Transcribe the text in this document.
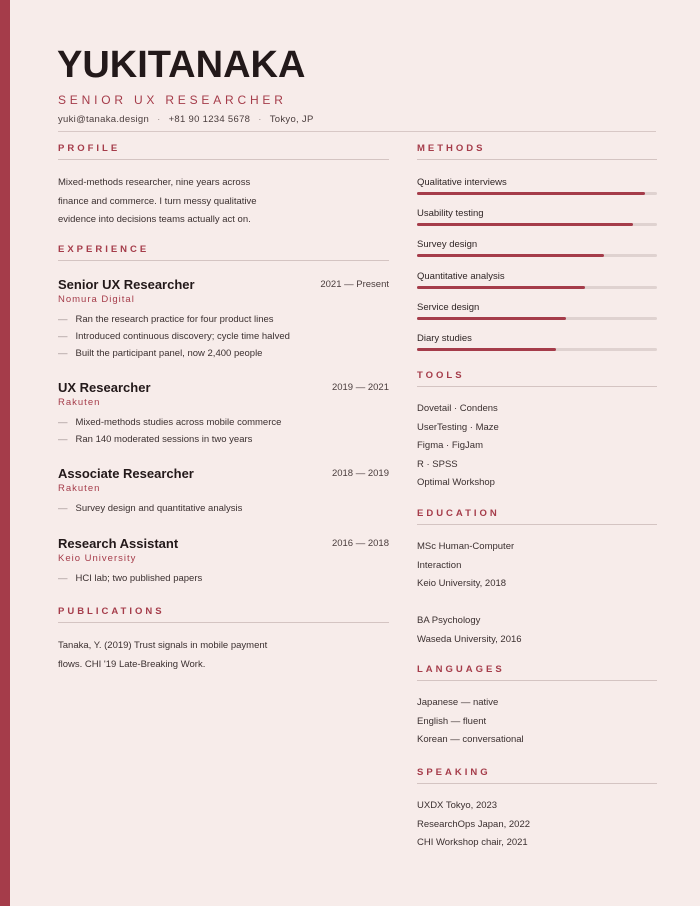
YUKITANAKA
SENIOR UX RESEARCHER
yuki@tanaka.design · +81 90 1234 5678 · Tokyo, JP
PROFILE
Mixed-methods researcher, nine years across finance and commerce. I turn messy qualitative evidence into decisions teams actually act on.
EXPERIENCE
Senior UX Researcher	2021 — Present
Nomura Digital
— Ran the research practice for four product lines
— Introduced continuous discovery; cycle time halved
— Built the participant panel, now 2,400 people
UX Researcher	2019 — 2021
Rakuten
— Mixed-methods studies across mobile commerce
— Ran 140 moderated sessions in two years
Associate Researcher	2018 — 2019
Rakuten
— Survey design and quantitative analysis
Research Assistant	2016 — 2018
Keio University
— HCI lab; two published papers
PUBLICATIONS
Tanaka, Y. (2019) Trust signals in mobile payment flows. CHI '19 Late-Breaking Work.
METHODS
Qualitative interviews
Usability testing
Survey design
Quantitative analysis
Service design
Diary studies
TOOLS
Dovetail · Condens
UserTesting · Maze
Figma · FigJam
R · SPSS
Optimal Workshop
EDUCATION
MSc Human-Computer
Interaction
Keio University, 2018
BA Psychology
Waseda University, 2016
LANGUAGES
Japanese — native
English — fluent
Korean — conversational
SPEAKING
UXDX Tokyo, 2023
ResearchOps Japan, 2022
CHI Workshop chair, 2021
